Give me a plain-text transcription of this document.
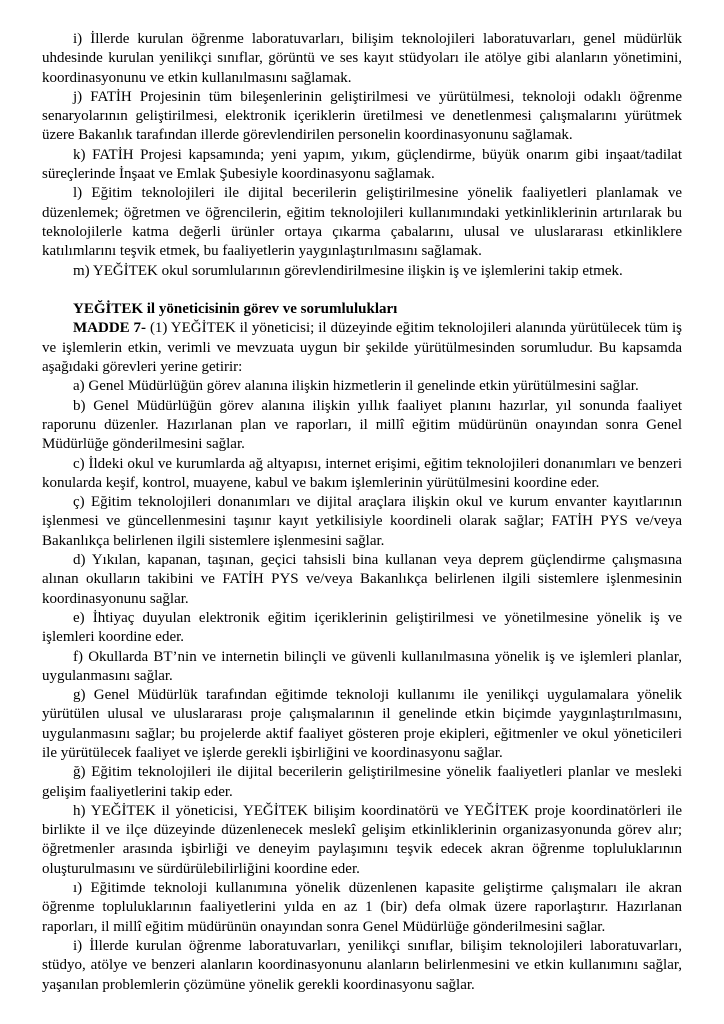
i) İllerde kurulan öğrenme laboratuvarları, bilişim teknolojileri laboratuvarları, genel müdürlük uhdesinde kurulan yenilikçi sınıflar, görüntü ve ses kayıt stüdyoları ile atölye gibi alanların yönetimini, koordinasyonunu ve etkin kullanılmasını sağlamak.

j) FATİH Projesinin tüm bileşenlerinin geliştirilmesi ve yürütülmesi, teknoloji odaklı öğrenme senaryolarının geliştirilmesi, elektronik içeriklerin üretilmesi ve denetlenmesi çalışmalarını yürütmek üzere Bakanlık tarafından illerde görevlendirilen personelin koordinasyonunu sağlamak.

k) FATİH Projesi kapsamında; yeni yapım, yıkım, güçlendirme, büyük onarım gibi inşaat/tadilat süreçlerinde İnşaat ve Emlak Şubesiyle koordinasyonu sağlamak.

l) Eğitim teknolojileri ile dijital becerilerin geliştirilmesine yönelik faaliyetleri planlamak ve düzenlemek; öğretmen ve öğrencilerin, eğitim teknolojileri kullanımındaki yetkinliklerinin artırılarak bu teknolojilerle katma değerli ürünler ortaya çıkarma çabalarını, ulusal ve uluslararası etkinliklere katılımlarını teşvik etmek, bu faaliyetlerin yaygınlaştırılmasını sağlamak.

m) YEĞİTEK okul sorumlularının görevlendirilmesine ilişkin iş ve işlemlerini takip etmek.

YEĞİTEK il yöneticisinin görev ve sorumlulukları

MADDE 7- (1) YEĞİTEK il yöneticisi; il düzeyinde eğitim teknolojileri alanında yürütülecek tüm iş ve işlemlerin etkin, verimli ve mevzuata uygun bir şekilde yürütülmesinden sorumludur. Bu kapsamda aşağıdaki görevleri yerine getirir:

a) Genel Müdürlüğün görev alanına ilişkin hizmetlerin il genelinde etkin yürütülmesini sağlar.

b) Genel Müdürlüğün görev alanına ilişkin yıllık faaliyet planını hazırlar, yıl sonunda faaliyet raporunu düzenler. Hazırlanan plan ve raporları, il millî eğitim müdürünün onayından sonra Genel Müdürlüğe gönderilmesini sağlar.

c) İldeki okul ve kurumlarda ağ altyapısı, internet erişimi, eğitim teknolojileri donanımları ve benzeri konularda keşif, kontrol, muayene, kabul ve bakım işlemlerinin yürütülmesini koordine eder.

ç) Eğitim teknolojileri donanımları ve dijital araçlara ilişkin okul ve kurum envanter kayıtlarının işlenmesi ve güncellenmesini taşınır kayıt yetkilisiyle koordineli olarak sağlar; FATİH PYS ve/veya Bakanlıkça belirlenen ilgili sistemlere işlenmesini sağlar.

d) Yıkılan, kapanan, taşınan, geçici tahsisli bina kullanan veya deprem güçlendirme çalışmasına alınan okulların takibini ve FATİH PYS ve/veya Bakanlıkça belirlenen ilgili sistemlere işlenmesinin koordinasyonunu sağlar.

e) İhtiyaç duyulan elektronik eğitim içeriklerinin geliştirilmesi ve yönetilmesine yönelik iş ve işlemleri koordine eder.

f) Okullarda BT’nin ve internetin bilinçli ve güvenli kullanılmasına yönelik iş ve işlemleri planlar, uygulanmasını sağlar.

g) Genel Müdürlük tarafından eğitimde teknoloji kullanımı ile yenilikçi uygulamalara yönelik yürütülen ulusal ve uluslararası proje çalışmalarının il genelinde etkin biçimde yaygınlaştırılmasını, uygulanmasını sağlar; bu projelerde aktif faaliyet gösteren proje ekipleri, eğitmenler ve okul yöneticileri ile yürütülecek faaliyet ve işlerde gerekli işbirliğini ve koordinasyonu sağlar.

ğ) Eğitim teknolojileri ile dijital becerilerin geliştirilmesine yönelik faaliyetleri planlar ve mesleki gelişim faaliyetlerini takip eder.

h) YEĞİTEK il yöneticisi, YEĞİTEK bilişim koordinatörü ve YEĞİTEK proje koordinatörleri ile birlikte il ve ilçe düzeyinde düzenlenecek meslekî gelişim etkinliklerinin organizasyonunda görev alır; öğretmenler arasında işbirliği ve deneyim paylaşımını teşvik edecek akran öğrenme topluluklarının oluşturulmasını ve sürdürülebilirliğini koordine eder.

ı) Eğitimde teknoloji kullanımına yönelik düzenlenen kapasite geliştirme çalışmaları ile akran öğrenme topluluklarının faaliyetlerini yılda en az 1 (bir) defa olmak üzere raporlaştırır. Hazırlanan raporları, il millî eğitim müdürünün onayından sonra Genel Müdürlüğe gönderilmesini sağlar.

i) İllerde kurulan öğrenme laboratuvarları, yenilikçi sınıflar, bilişim teknolojileri laboratuvarları, stüdyo, atölye ve benzeri alanların koordinasyonunu alanların belirlenmesini ve etkin kullanımını sağlar, yaşanılan problemlerin çözümüne yönelik gerekli koordinasyonu sağlar.
